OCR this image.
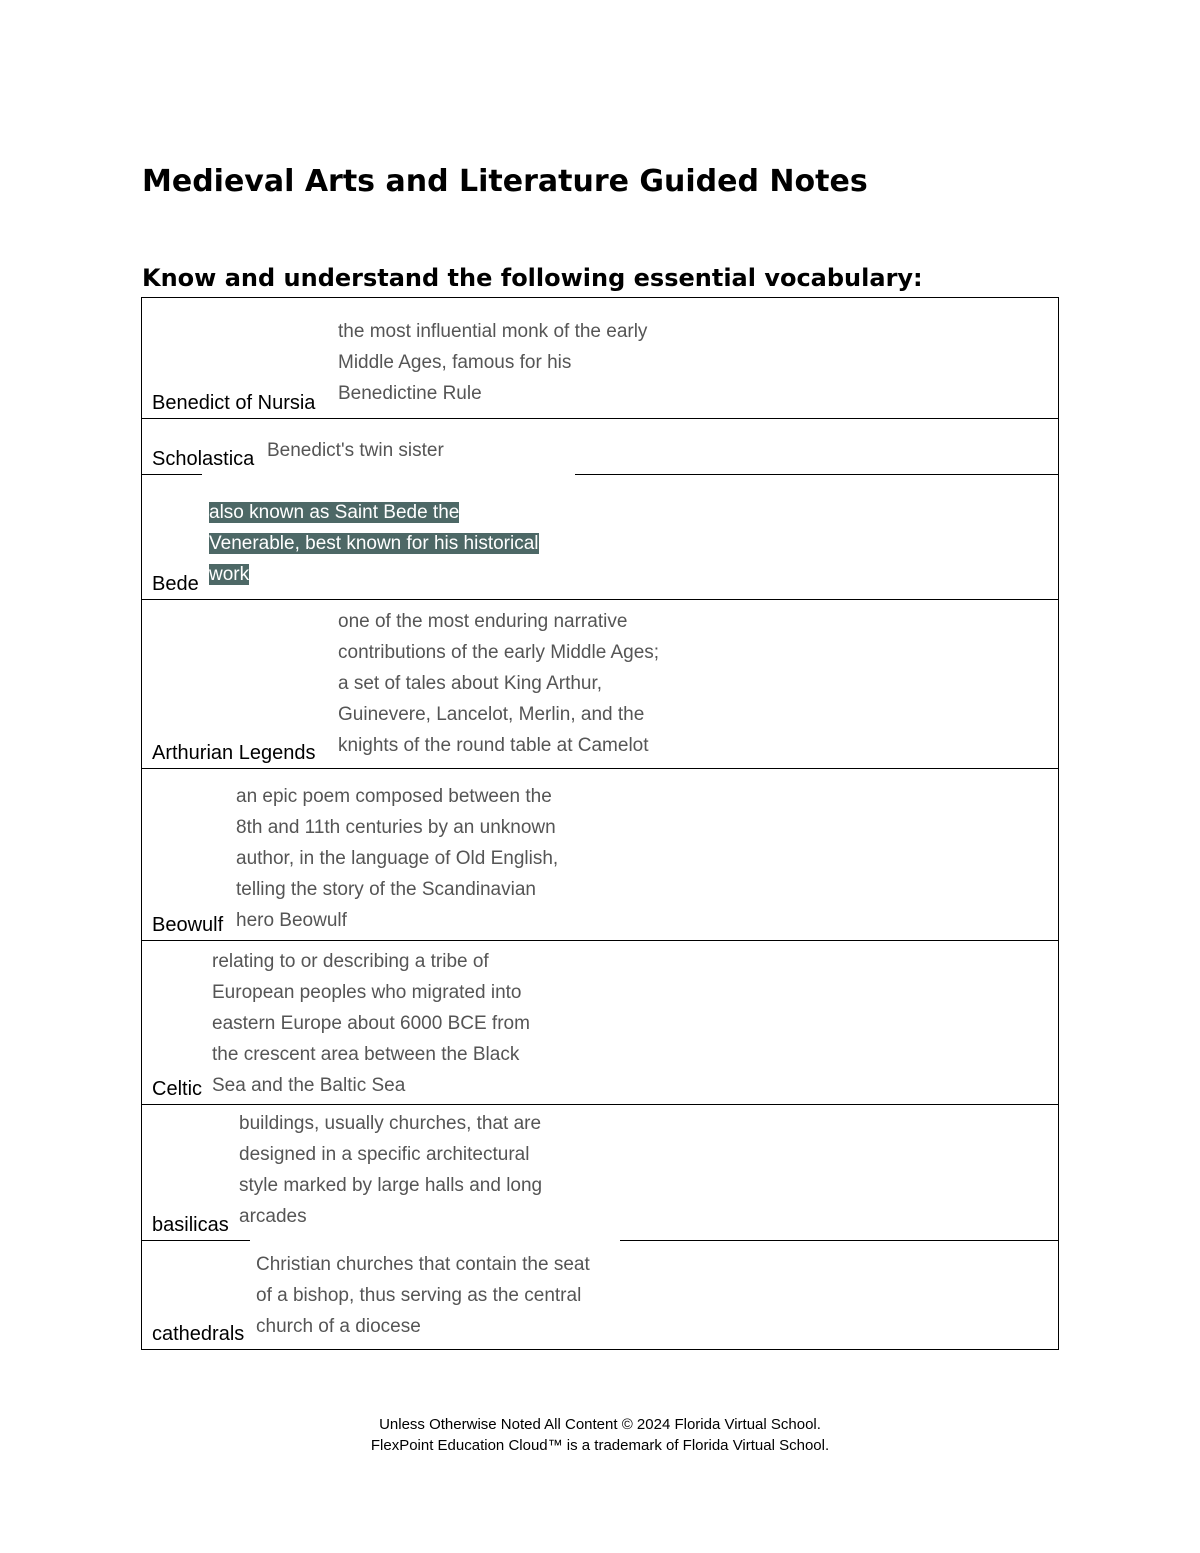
Medieval Arts and Literature Guided Notes
Know and understand the following essential vocabulary:
Benedict of Nursia
the most influential monk of the early
Middle Ages, famous for his
Benedictine Rule
Scholastica Benedict's twin sister
Bede
also known as Saint Bede the
Venerable, best known for his historical
work
Arthurian Legends
one of the most enduring narrative
contributions of the early Middle Ages;
a set of tales about King Arthur,
Guinevere, Lancelot, Merlin, and the
knights of the round table at Camelot
Beowulf
an epic poem composed between the
8th and 11th centuries by an unknown
author, in the language of Old English,
telling the story of the Scandinavian
hero Beowulf
Celtic
relating to or describing a tribe of
European peoples who migrated into
eastern Europe about 6000 BCE from
the crescent area between the Black
Sea and the Baltic Sea
basilicas
buildings, usually churches, that are
designed in a specific architectural
style marked by large halls and long
arcades
cathedrals
Christian churches that contain the seat
of a bishop, thus serving as the central
church of a diocese
Unless Otherwise Noted All Content © 2024 Florida Virtual School.
FlexPoint Education Cloud™ is a trademark of Florida Virtual School.
